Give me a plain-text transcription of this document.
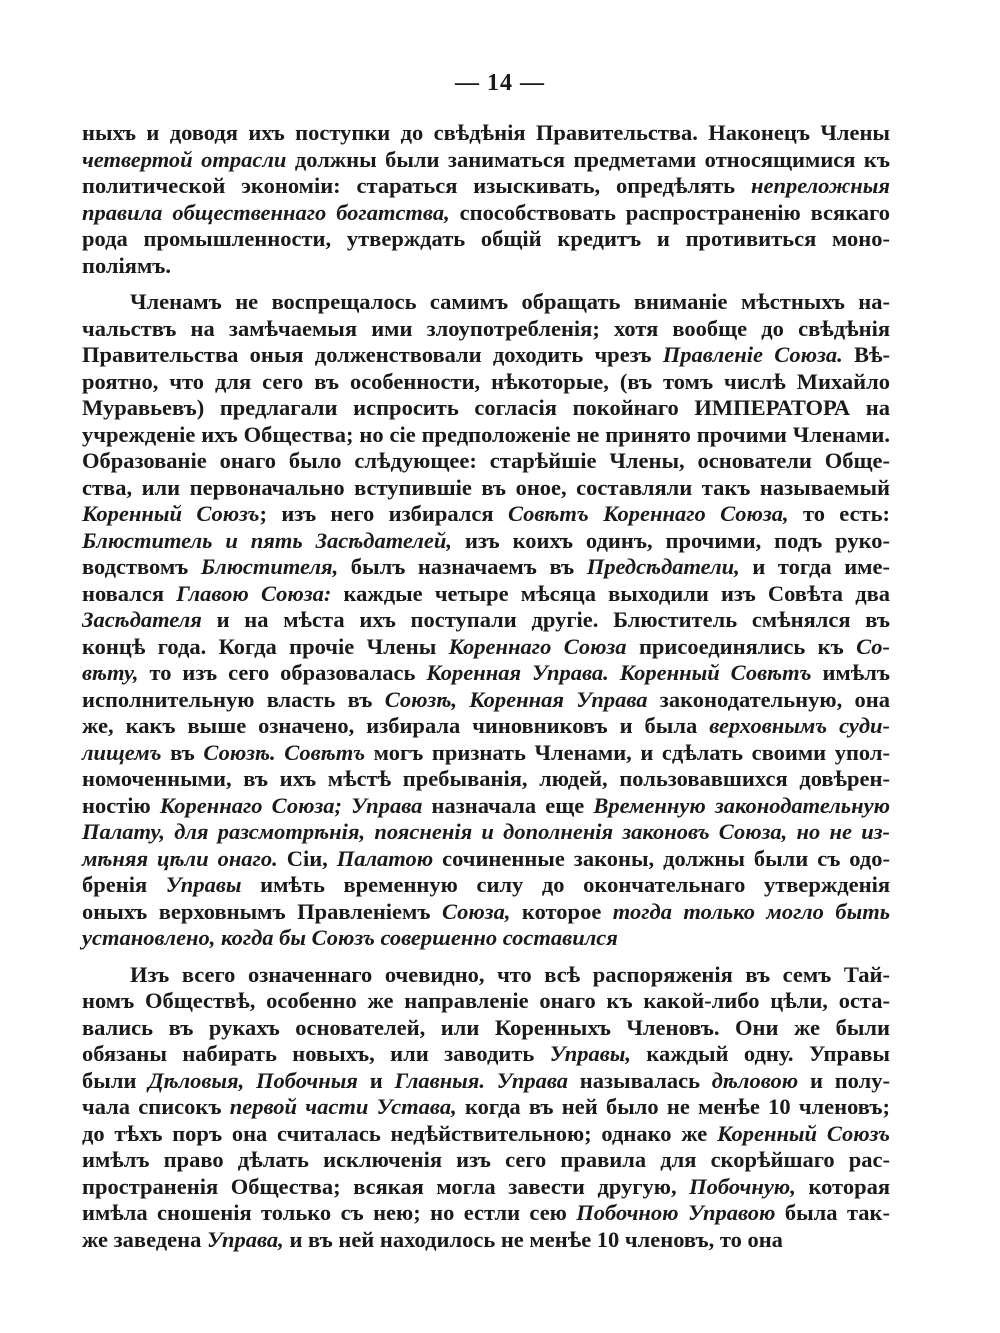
— 14 —
ныхъ и доводя ихъ поступки до свѣдѣнія Правительства. Наконецъ Члены
четвертой отрасли должны были заниматься предметами относящимися къ
политической экономіи: стараться изыскивать, опредѣлять непреложныя
правила общественнаго богатства, способствовать распространенію всякаго
рода промышленности, утверждать общій кредитъ и противиться моно-
поліямъ.
Членамъ не воспрещалось самимъ обращать вниманіе мѣстныхъ на-
чальствъ на замѣчаемыя ими злоупотребленія; хотя вообще до свѣдѣнія
Правительства оныя долженствовали доходить чрезъ Правленіе Союза. Вѣ-
роятно, что для сего въ особенности, нѣкоторые, (въ томъ числѣ Михайло
Муравьевъ) предлагали испросить согласія покойнаго ИМПЕРАТОРА на
учрежденіе ихъ Общества; но сіе предположеніе не принято прочими Членами.
Образованіе онаго было слѣдующее: старѣйшіе Члены, основатели Обще-
ства, или первоначально вступившіе въ оное, составляли такъ называемый
Коренный Союзъ; изъ него избирался Совѣтъ Кореннаго Союза, то есть:
Блюститель и пять Засѣдателей, изъ коихъ одинъ, прочими, подъ руко-
водствомъ Блюстителя, былъ назначаемъ въ Предсѣдатели, и тогда име-
новался Главою Союза: каждые четыре мѣсяца выходили изъ Совѣта два
Засѣдателя и на мѣста ихъ поступали другіе. Блюститель смѣнялся въ
концѣ года. Когда прочіе Члены Кореннаго Союза присоединялись къ Со-
вѣту, то изъ сего образовалась Коренная Управа. Коренный Совѣтъ имѣлъ
исполнительную власть въ Союзѣ, Коренная Управа законодательную, она
же, какъ выше означено, избирала чиновниковъ и была верховнымъ суди-
лищемъ въ Союзѣ. Совѣтъ могъ признать Членами, и сдѣлать своими упол-
номоченными, въ ихъ мѣстѣ пребыванія, людей, пользовавшихся довѣрен-
ностію Кореннаго Союза; Управа назначала еще Временную законодательную
Палату, для разсмотрѣнія, поясненія и дополненія законовъ Союза, но не из-
мѣняя цѣли онаго. Сіи, Палатою сочиненные законы, должны были съ одо-
бренія Управы имѣть временную силу до окончательнаго утвержденія
оныхъ верховнымъ Правленіемъ Союза, которое тогда только могло быть
установлено, когда бы Союзъ совершенно составился
Изъ всего означеннаго очевидно, что всѣ распоряженія въ семъ Тай-
номъ Обществѣ, особенно же направленіе онаго къ какой-либо цѣли, оста-
вались въ рукахъ основателей, или Коренныхъ Членовъ. Они же были
обязаны набирать новыхъ, или заводить Управы, каждый одну. Управы
были Дѣловыя, Побочныя и Главныя. Управа называлась дѣловою и полу-
чала списокъ первой части Устава, когда въ ней было не менѣе 10 членовъ;
до тѣхъ поръ она считалась недѣйствительною; однако же Коренный Союзъ
имѣлъ право дѣлать исключенія изъ сего правила для скорѣйшаго рас-
пространенія Общества; всякая могла завести другую, Побочную, которая
имѣла сношенія только съ нею; но естли сею Побочною Управою была так-
же заведена Управа, и въ ней находилось не менѣе 10 членовъ, то она
